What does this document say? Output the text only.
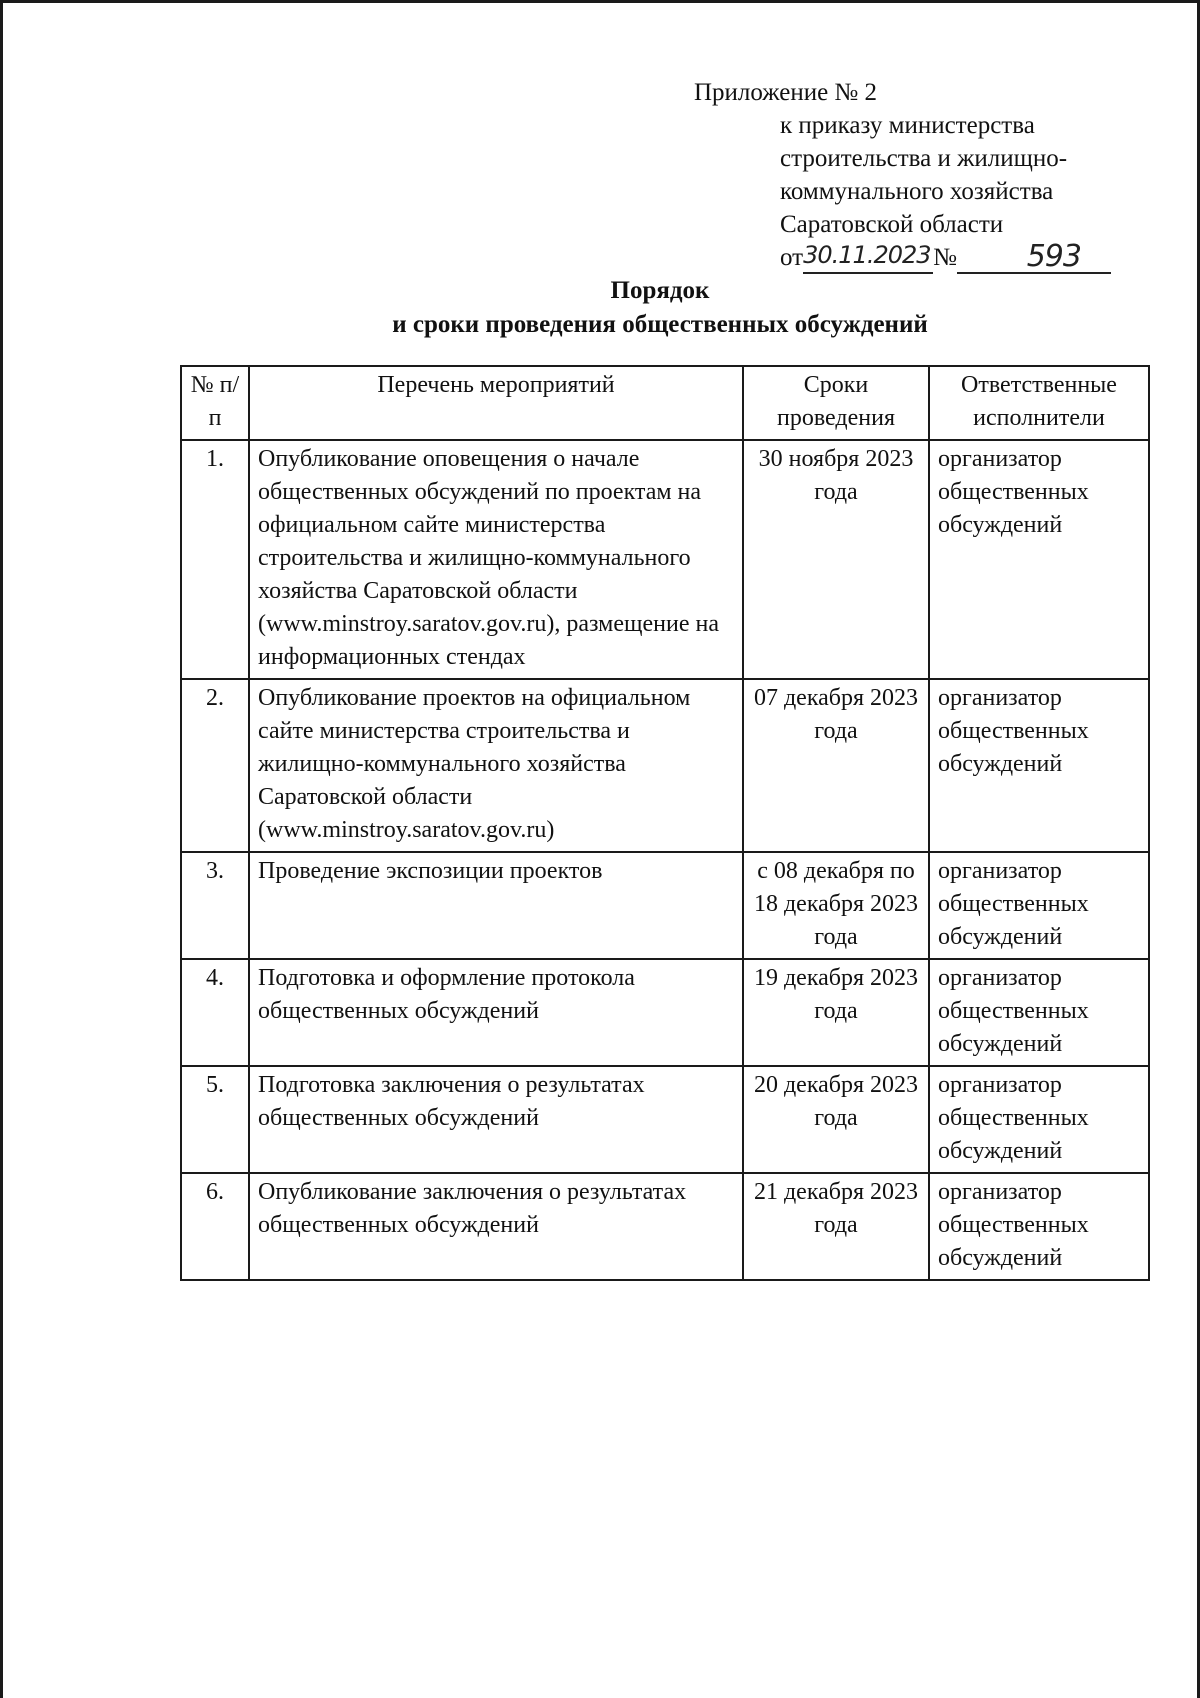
Приложение № 2
к приказу министерства
строительства и жилищно-
коммунального хозяйства
Саратовской области
от 30.11.2023 №	593
Порядок
и сроки проведения общественных обсуждений
№ п/п	Перечень мероприятий	Сроки проведения	Ответственные исполнители
1.	Опубликование оповещения о начале общественных обсуждений по проектам на официальном сайте министерства строительства и жилищно-коммунального хозяйства Саратовской области (www.minstroy.saratov.gov.ru), размещение на информационных стендах	30 ноября 2023 года	организатор общественных обсуждений
2.	Опубликование проектов на официальном сайте министерства строительства и жилищно-коммунального хозяйства Саратовской области (www.minstroy.saratov.gov.ru)	07 декабря 2023 года	организатор общественных обсуждений
3.	Проведение экспозиции проектов	с 08 декабря по 18 декабря 2023 года	организатор общественных обсуждений
4.	Подготовка и оформление протокола общественных обсуждений	19 декабря 2023 года	организатор общественных обсуждений
5.	Подготовка заключения о результатах общественных обсуждений	20 декабря 2023 года	организатор общественных обсуждений
6.	Опубликование заключения о результатах общественных обсуждений	21 декабря 2023 года	организатор общественных обсуждений
